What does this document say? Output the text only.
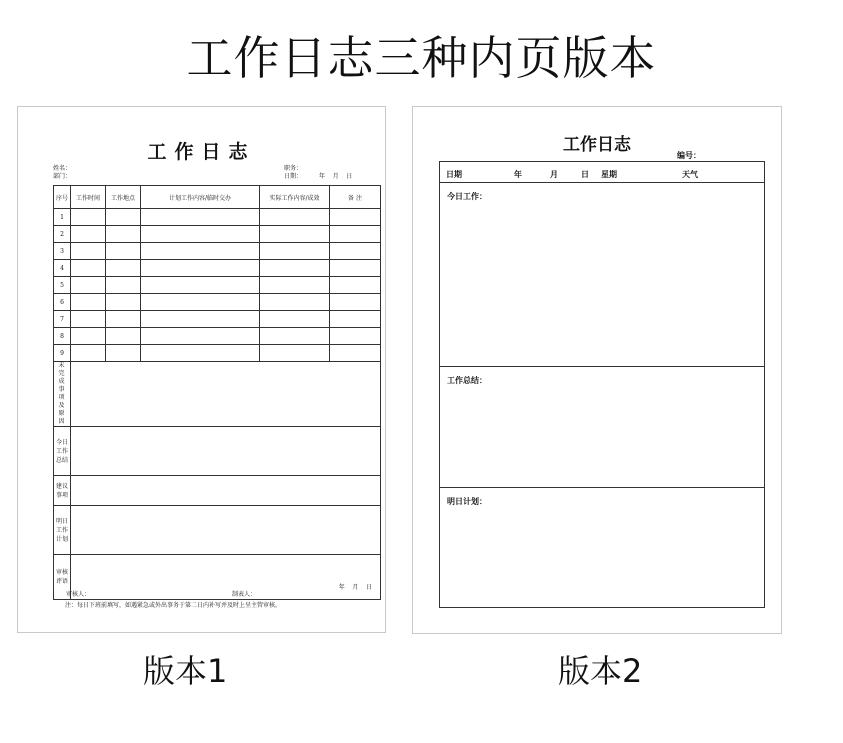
工作日志三种内页版本
工作日志
姓名：
部门：
职务：
日期：	年    月    日
序号	工作时间	工作地点	计划工作内容/临时交办	实际工作内容/成效	备 注
1					
2					
3					
4					
5					
6					
7					
8					
9					

未完成事项及原因					

今日工作总结					

建议事项					

明日工作计划					

审核评语	年    月    日				
审核人：	制表人：
注：每日下班前填写，如遇紧急或外出事务于第二日内补写并及时上呈主管审核。
工作日志
编号：
日期	年	月	日 星期	天气
今日工作：
工作总结：
明日计划：
版本1	版本2
